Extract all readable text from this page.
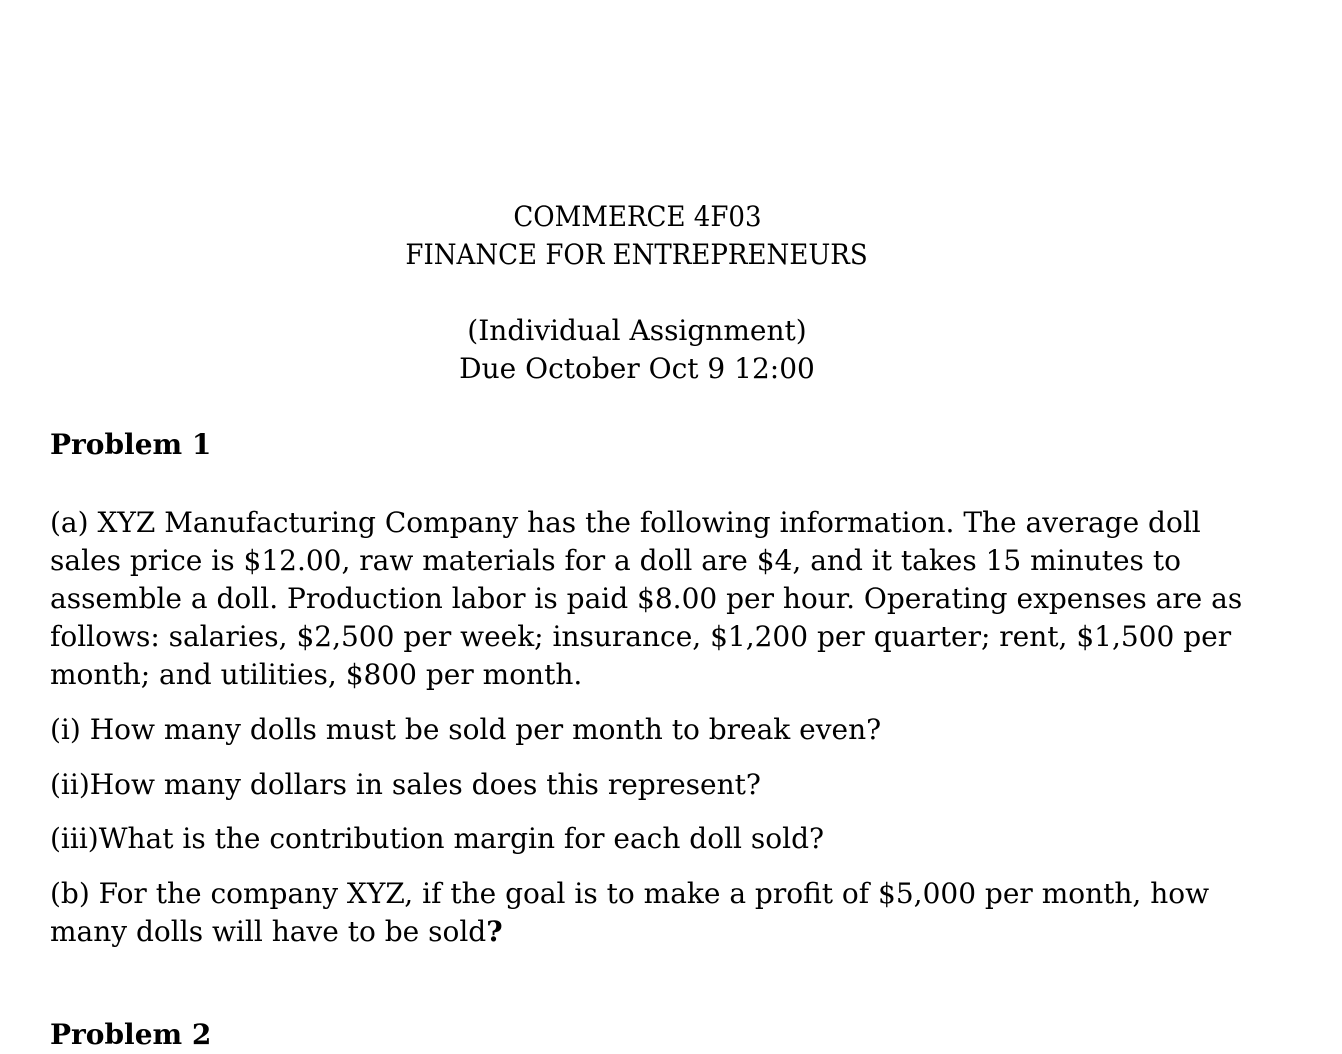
COMMERCE 4F03
FINANCE FOR ENTREPRENEURS
(Individual Assignment)
Due October Oct 9 12:00
Problem 1
(a) XYZ Manufacturing Company has the following information. The average doll
sales price is $12.00, raw materials for a doll are $4, and it takes 15 minutes to
assemble a doll. Production labor is paid $8.00 per hour. Operating expenses are as
follows: salaries, $2,500 per week; insurance, $1,200 per quarter; rent, $1,500 per
month; and utilities, $800 per month.
(i) How many dolls must be sold per month to break even?
(ii)How many dollars in sales does this represent?
(iii)What is the contribution margin for each doll sold?
(b) For the company XYZ, if the goal is to make a profit of $5,000 per month, how
many dolls will have to be sold?
Problem 2
